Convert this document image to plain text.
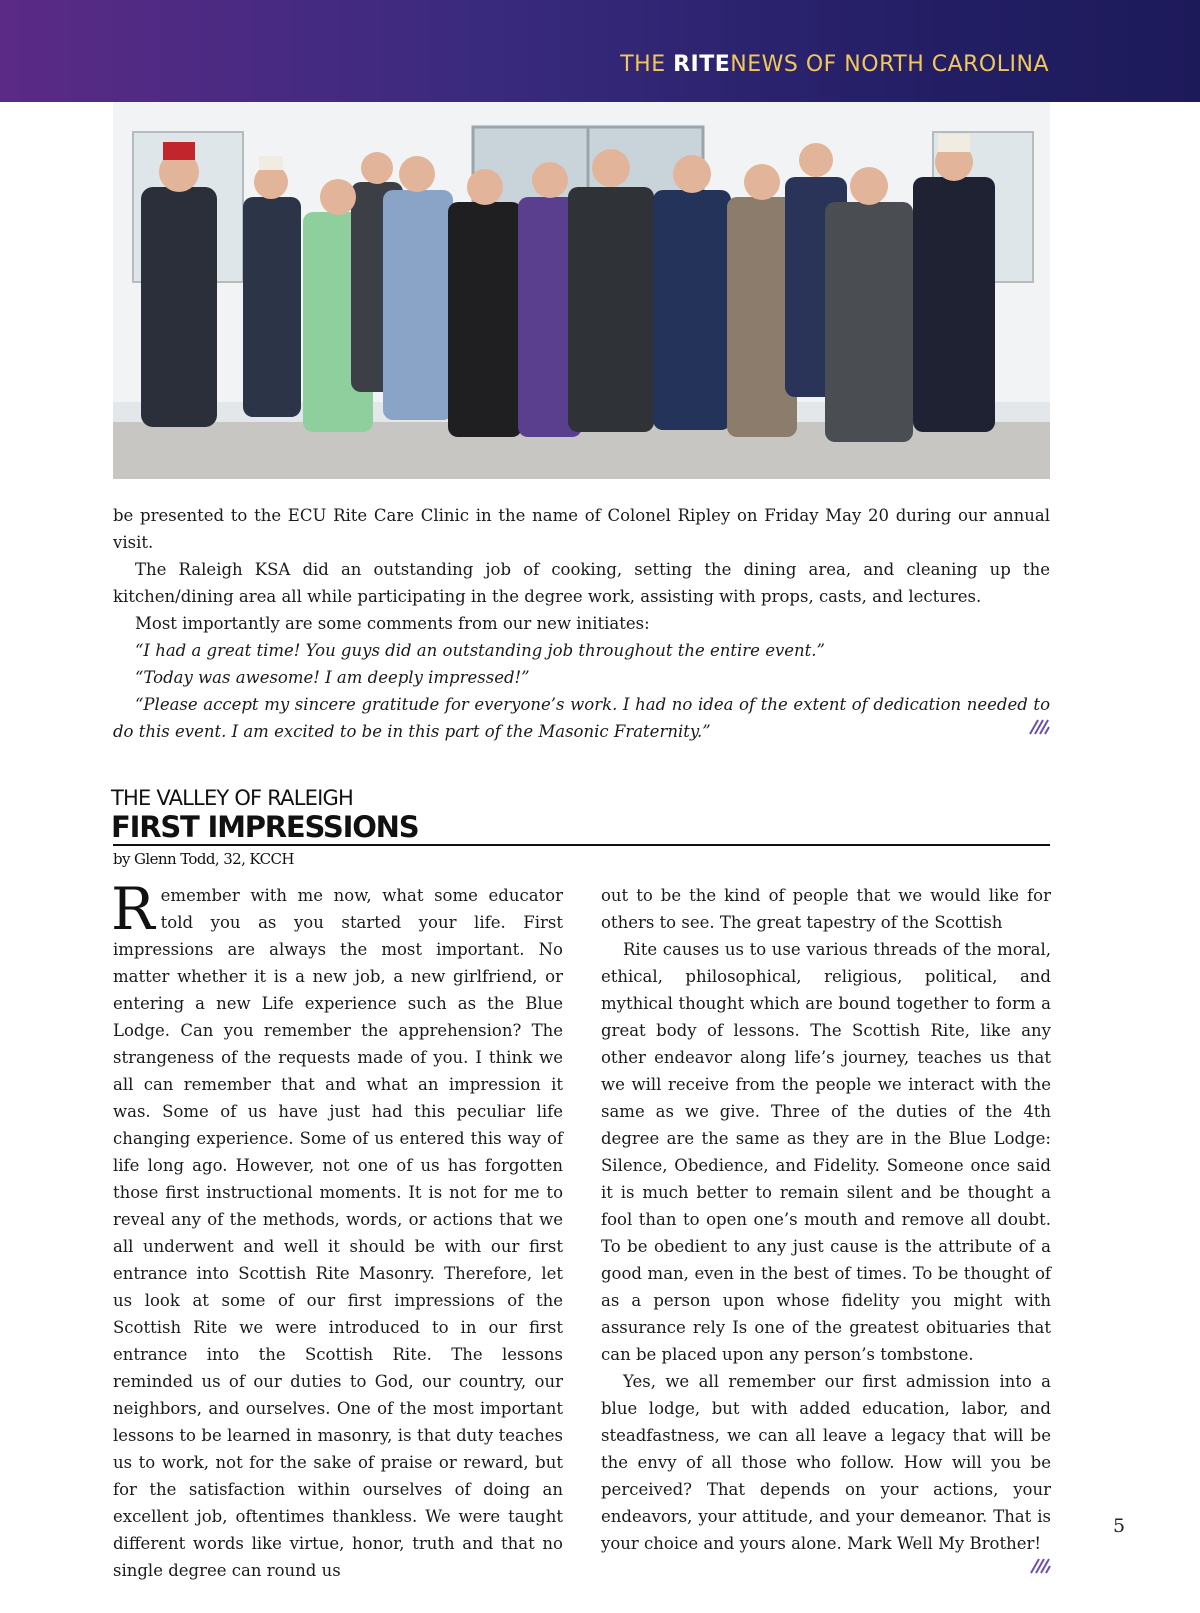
THE RITENEWS OF NORTH CAROLINA

be presented to the ECU Rite Care Clinic in the name of Colonel Ripley on Friday May 20 during our annual visit.

The Raleigh KSA did an outstanding job of cooking, setting the dining area, and cleaning up the kitchen/dining area all while participating in the degree work, assisting with props, casts, and lectures.

Most importantly are some comments from our new initiates:

“I had a great time! You guys did an outstanding job throughout the entire event.”

“Today was awesome! I am deeply impressed!”

“Please accept my sincere gratitude for everyone’s work. I had no idea of the extent of dedication needed to do this event. I am excited to be in this part of the Masonic Fraternity.”

THE VALLEY OF RALEIGH
FIRST IMPRESSIONS
by Glenn Todd, 32, KCCH

Remember with me now, what some educator told you as you started your life. First impressions are always the most important. No matter whether it is a new job, a new girlfriend, or entering a new Life experience such as the Blue Lodge. Can you remember the apprehension? The strangeness of the requests made of you. I think we all can remember that and what an impression it was. Some of us have just had this peculiar life changing experience. Some of us entered this way of life long ago. However, not one of us has forgotten those first instructional moments. It is not for me to reveal any of the methods, words, or actions that we all underwent and well it should be with our first entrance into Scottish Rite Masonry. Therefore, let us look at some of our first impressions of the Scottish Rite we were introduced to in our first entrance into the Scottish Rite. The lessons reminded us of our duties to God, our country, our neighbors, and ourselves. One of the most important lessons to be learned in masonry, is that duty teaches us to work, not for the sake of praise or reward, but for the satisfaction within ourselves of doing an excellent job, oftentimes thankless. We were taught different words like virtue, honor, truth and that no single degree can round us

out to be the kind of people that we would like for others to see. The great tapestry of the Scottish

Rite causes us to use various threads of the moral, ethical, philosophical, religious, political, and mythical thought which are bound together to form a great body of lessons. The Scottish Rite, like any other endeavor along life’s journey, teaches us that we will receive from the people we interact with the same as we give. Three of the duties of the 4th degree are the same as they are in the Blue Lodge: Silence, Obedience, and Fidelity. Someone once said it is much better to remain silent and be thought a fool than to open one’s mouth and remove all doubt. To be obedient to any just cause is the attribute of a good man, even in the best of times. To be thought of as a person upon whose fidelity you might with assurance rely Is one of the greatest obituaries that can be placed upon any person’s tombstone.

Yes, we all remember our first admission into a blue lodge, but with added education, labor, and steadfastness, we can all leave a legacy that will be the envy of all those who follow. How will you be perceived? That depends on your actions, your endeavors, your attitude, and your demeanor. That is your choice and yours alone. Mark Well My Brother!

5
